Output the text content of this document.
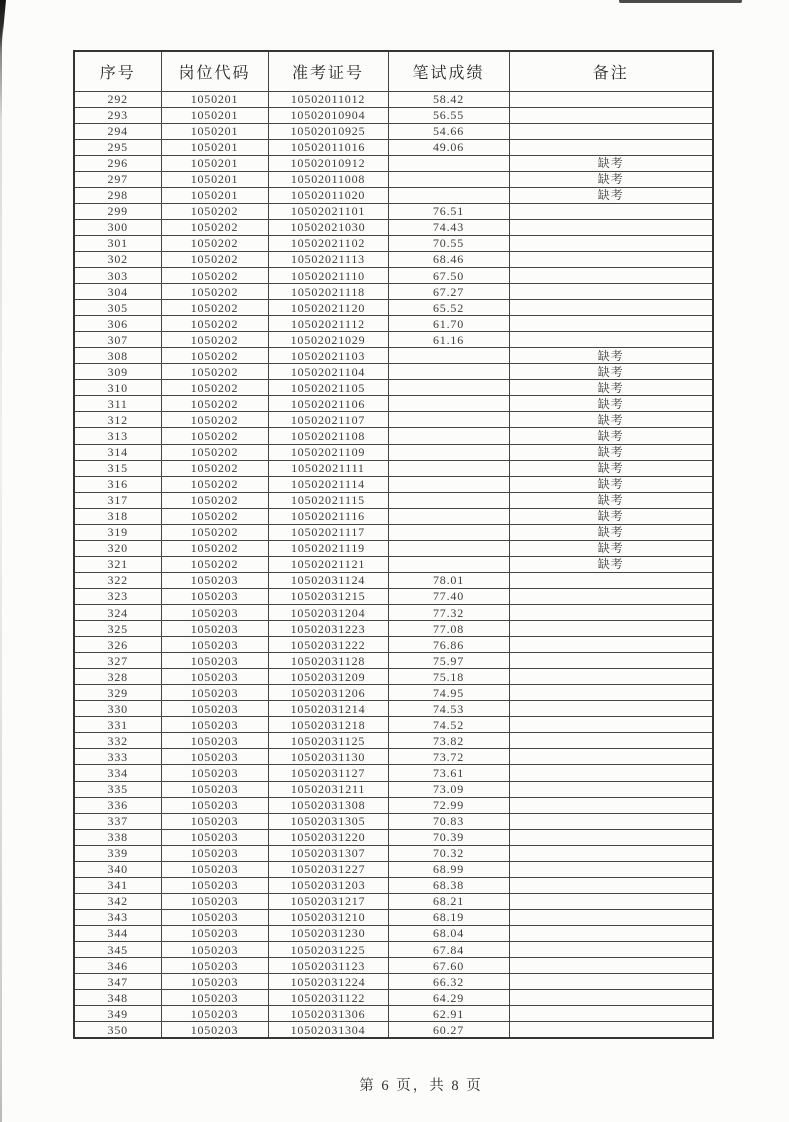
序号	岗位代码	准考证号	笔试成绩	备注
292	1050201	10502011012	58.42	
293	1050201	10502010904	56.55	
294	1050201	10502010925	54.66	
295	1050201	10502011016	49.06	
296	1050201	10502010912		缺考
297	1050201	10502011008		缺考
298	1050201	10502011020		缺考
299	1050202	10502021101	76.51	
300	1050202	10502021030	74.43	
301	1050202	10502021102	70.55	
302	1050202	10502021113	68.46	
303	1050202	10502021110	67.50	
304	1050202	10502021118	67.27	
305	1050202	10502021120	65.52	
306	1050202	10502021112	61.70	
307	1050202	10502021029	61.16	
308	1050202	10502021103		缺考
309	1050202	10502021104		缺考
310	1050202	10502021105		缺考
311	1050202	10502021106		缺考
312	1050202	10502021107		缺考
313	1050202	10502021108		缺考
314	1050202	10502021109		缺考
315	1050202	10502021111		缺考
316	1050202	10502021114		缺考
317	1050202	10502021115		缺考
318	1050202	10502021116		缺考
319	1050202	10502021117		缺考
320	1050202	10502021119		缺考
321	1050202	10502021121		缺考
322	1050203	10502031124	78.01	
323	1050203	10502031215	77.40	
324	1050203	10502031204	77.32	
325	1050203	10502031223	77.08	
326	1050203	10502031222	76.86	
327	1050203	10502031128	75.97	
328	1050203	10502031209	75.18	
329	1050203	10502031206	74.95	
330	1050203	10502031214	74.53	
331	1050203	10502031218	74.52	
332	1050203	10502031125	73.82	
333	1050203	10502031130	73.72	
334	1050203	10502031127	73.61	
335	1050203	10502031211	73.09	
336	1050203	10502031308	72.99	
337	1050203	10502031305	70.83	
338	1050203	10502031220	70.39	
339	1050203	10502031307	70.32	
340	1050203	10502031227	68.99	
341	1050203	10502031203	68.38	
342	1050203	10502031217	68.21	
343	1050203	10502031210	68.19	
344	1050203	10502031230	68.04	
345	1050203	10502031225	67.84	
346	1050203	10502031123	67.60	
347	1050203	10502031224	66.32	
348	1050203	10502031122	64.29	
349	1050203	10502031306	62.91	
350	1050203	10502031304	60.27	
第 6 页，共 8 页
